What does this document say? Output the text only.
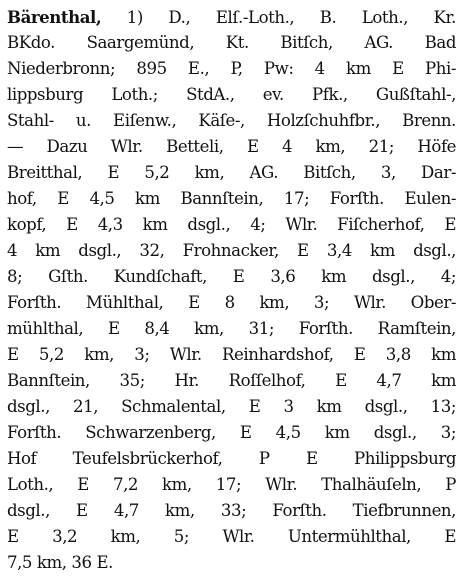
Bärenthal, 1) D., Elſ.-Loth., B. Loth., Kr.
BKdo. Saargemünd, Kt. Bitſch, AG. Bad
Niederbronn; 895 E., P, Pw: 4 km E Phi-
lippsburg Loth.; StdA., ev. Pfk., Gußſtahl-,
Stahl- u. Eiſenw., Käſe-, Holzſchuhfbr., Brenn.
— Dazu Wlr. Betteli, E 4 km, 21; Höfe
Breitthal, E 5,2 km, AG. Bitſch, 3, Dar-
hof, E 4,5 km Bannſtein, 17; Forſth. Eulen-
kopf, E 4,3 km dsgl., 4; Wlr. Fiſcherhof, E
4 km dsgl., 32, Frohnacker, E 3,4 km dsgl.,
8; Gſth. Kundſchaft, E 3,6 km dsgl., 4;
Forſth. Mühlthal, E 8 km, 3; Wlr. Ober-
mühlthal, E 8,4 km, 31; Forſth. Ramſtein,
E 5,2 km, 3; Wlr. Reinhardshof, E 3,8 km
Bannſtein, 35; Hr. Roſſelhof, E 4,7 km
dsgl., 21, Schmalental, E 3 km dsgl., 13;
Forſth. Schwarzenberg, E 4,5 km dsgl., 3;
Hof Teufelsbrückerhof, P E Philippsburg
Loth., E 7,2 km, 17; Wlr. Thalhäuſeln, P
dsgl., E 4,7 km, 33; Forſth. Tiefbrunnen,
E 3,2 km, 5; Wlr. Untermühlthal, E
7,5 km, 36 E.
